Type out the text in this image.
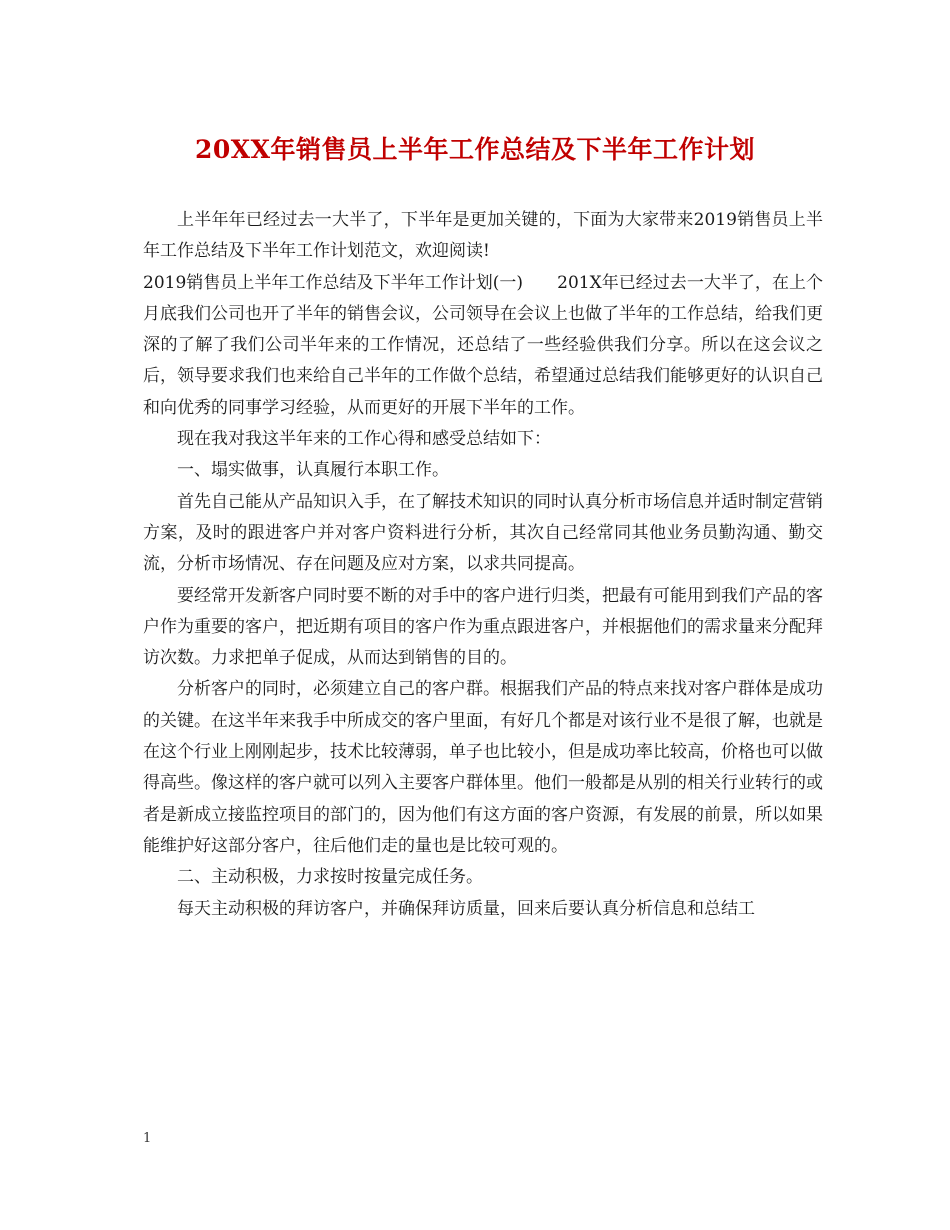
20XX年销售员上半年工作总结及下半年工作计划

上半年年已经过去一大半了，下半年是更加关键的，下面为大家带来2019销售员上半年工作总结及下半年工作计划范文，欢迎阅读!

2019销售员上半年工作总结及下半年工作计划(一)　　201X年已经过去一大半了，在上个月底我们公司也开了半年的销售会议，公司领导在会议上也做了半年的工作总结，给我们更深的了解了我们公司半年来的工作情况，还总结了一些经验供我们分享。所以在这会议之后，领导要求我们也来给自己半年的工作做个总结，希望通过总结我们能够更好的认识自己和向优秀的同事学习经验，从而更好的开展下半年的工作。

现在我对我这半年来的工作心得和感受总结如下：

一、塌实做事，认真履行本职工作。

首先自己能从产品知识入手，在了解技术知识的同时认真分析市场信息并适时制定营销方案，及时的跟进客户并对客户资料进行分析，其次自己经常同其他业务员勤沟通、勤交流，分析市场情况、存在问题及应对方案，以求共同提高。

要经常开发新客户同时要不断的对手中的客户进行归类，把最有可能用到我们产品的客户作为重要的客户，把近期有项目的客户作为重点跟进客户，并根据他们的需求量来分配拜访次数。力求把单子促成，从而达到销售的目的。

分析客户的同时，必须建立自己的客户群。根据我们产品的特点来找对客户群体是成功的关键。在这半年来我手中所成交的客户里面，有好几个都是对该行业不是很了解，也就是在这个行业上刚刚起步，技术比较薄弱，单子也比较小，但是成功率比较高，价格也可以做得高些。像这样的客户就可以列入主要客户群体里。他们一般都是从别的相关行业转行的或者是新成立接监控项目的部门的，因为他们有这方面的客户资源，有发展的前景，所以如果能维护好这部分客户，往后他们走的量也是比较可观的。

二、主动积极，力求按时按量完成任务。

每天主动积极的拜访客户，并确保拜访质量，回来后要认真分析信息和总结工

1
